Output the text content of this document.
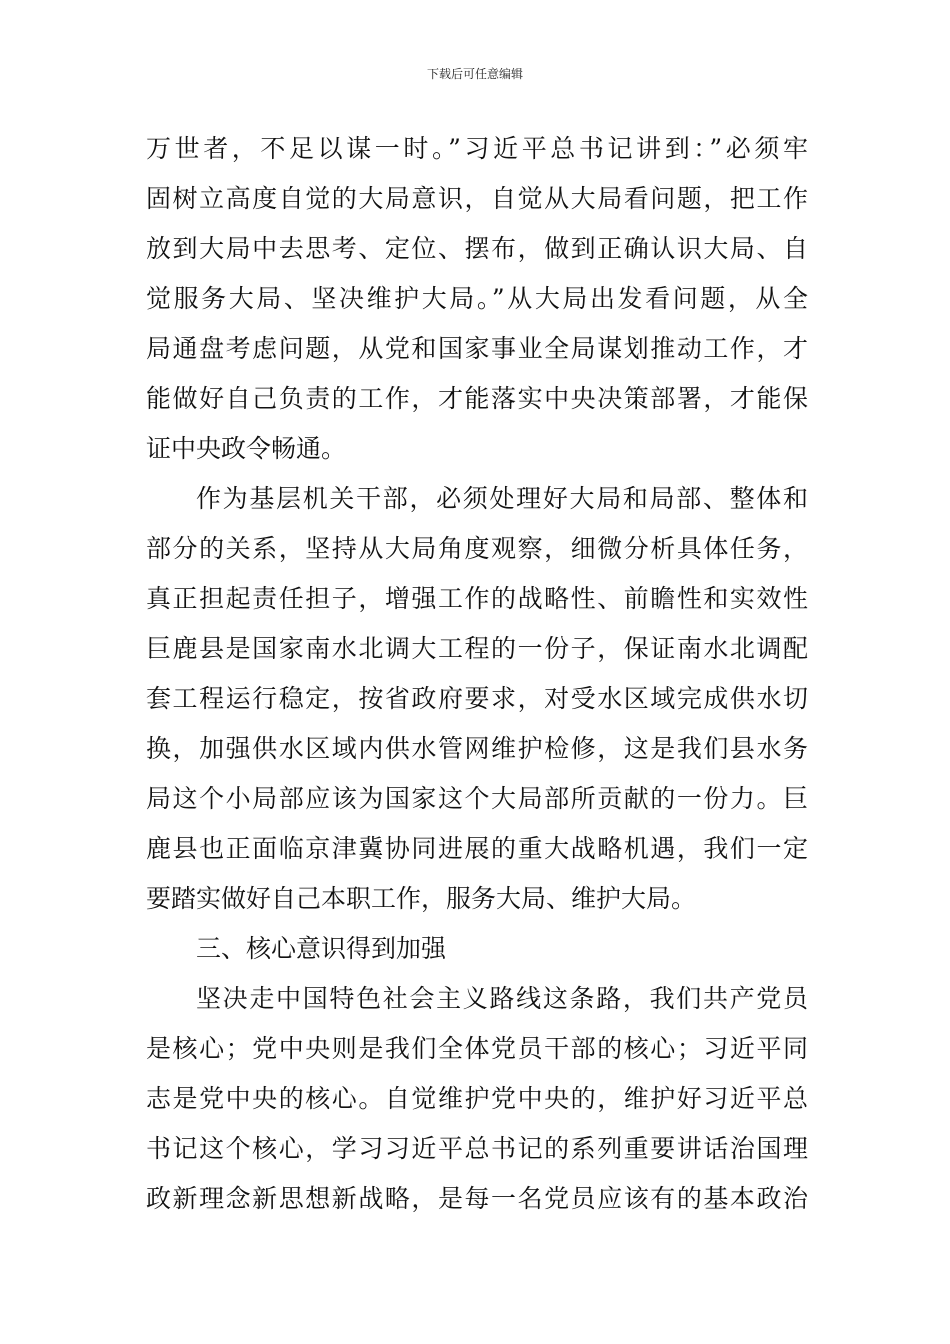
下载后可任意编辑
万世者，不足以谋一时。”习近平总书记讲到：”必须牢
固树立高度自觉的大局意识，自觉从大局看问题，把工作
放到大局中去思考、定位、摆布，做到正确认识大局、自
觉服务大局、坚决维护大局。”从大局出发看问题，从全
局通盘考虑问题，从党和国家事业全局谋划推动工作，才
能做好自己负责的工作，才能落实中央决策部署，才能保
证中央政令畅通。
作为基层机关干部，必须处理好大局和局部、整体和
部分的关系，坚持从大局角度观察，细微分析具体任务，
真正担起责任担子，增强工作的战略性、前瞻性和实效性
巨鹿县是国家南水北调大工程的一份子，保证南水北调配
套工程运行稳定，按省政府要求，对受水区域完成供水切
换，加强供水区域内供水管网维护检修，这是我们县水务
局这个小局部应该为国家这个大局部所贡献的一份力。巨
鹿县也正面临京津冀协同进展的重大战略机遇，我们一定
要踏实做好自己本职工作，服务大局、维护大局。
三、核心意识得到加强
坚决走中国特色社会主义路线这条路，我们共产党员
是核心；党中央则是我们全体党员干部的核心；习近平同
志是党中央的核心。自觉维护党中央的，维护好习近平总
书记这个核心，学习习近平总书记的系列重要讲话治国理
政新理念新思想新战略，是每一名党员应该有的基本政治
